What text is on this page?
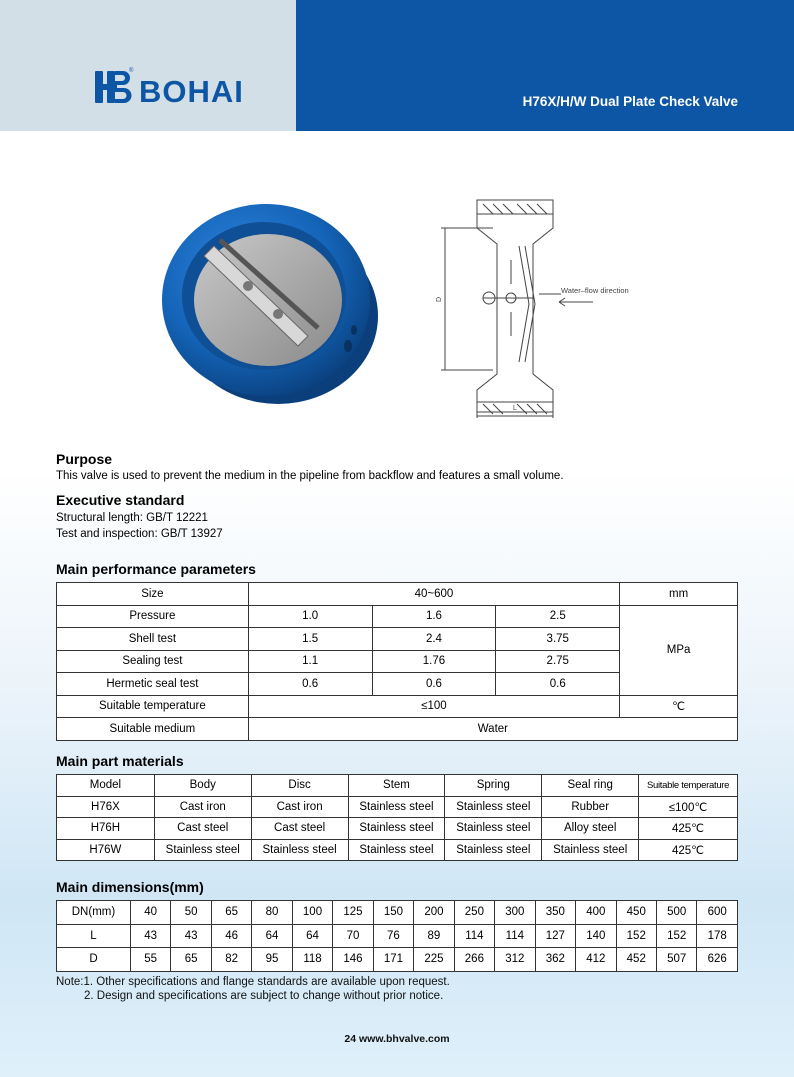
H76X/H/W Dual Plate Check Valve
®
BOHAI
D
L
Water–flow direction
Purpose
This valve is used to prevent the medium in the pipeline from backflow and features a small volume.
Executive standard
Structural length: GB/T 12221
Test and inspection: GB/T 13927
Main performance parameters
Size	40~600			mm
Pressure	1.0	1.6	2.5	MPa
Shell test	1.5	2.4	3.75	
Sealing test	1.1	1.76	2.75	
Hermetic seal test	0.6	0.6	0.6	
Suitable temperature	≤100			℃
Suitable medium	Water			
Main part materials
Model	Body	Disc	Stem	Spring	Seal ring	Suitable temperature
H76X	Cast iron	Cast iron	Stainless steel	Stainless steel	Rubber	≤100℃
H76H	Cast steel	Cast steel	Stainless steel	Stainless steel	Alloy steel	425℃
H76W	Stainless steel	Stainless steel	Stainless steel	Stainless steel	Stainless steel	425℃
Main dimensions(mm)
DN(mm)	40	50	65	80	100	125	150	200	250	300	350	400	450	500	600
L	43	43	46	64	64	70	76	89	114	114	127	140	152	152	178
D	55	65	82	95	118	146	171	225	266	312	362	412	452	507	626
Note:1. Other specifications and flange standards are available upon request.
2. Design and specifications are subject to change without prior notice.
24 www.bhvalve.com
